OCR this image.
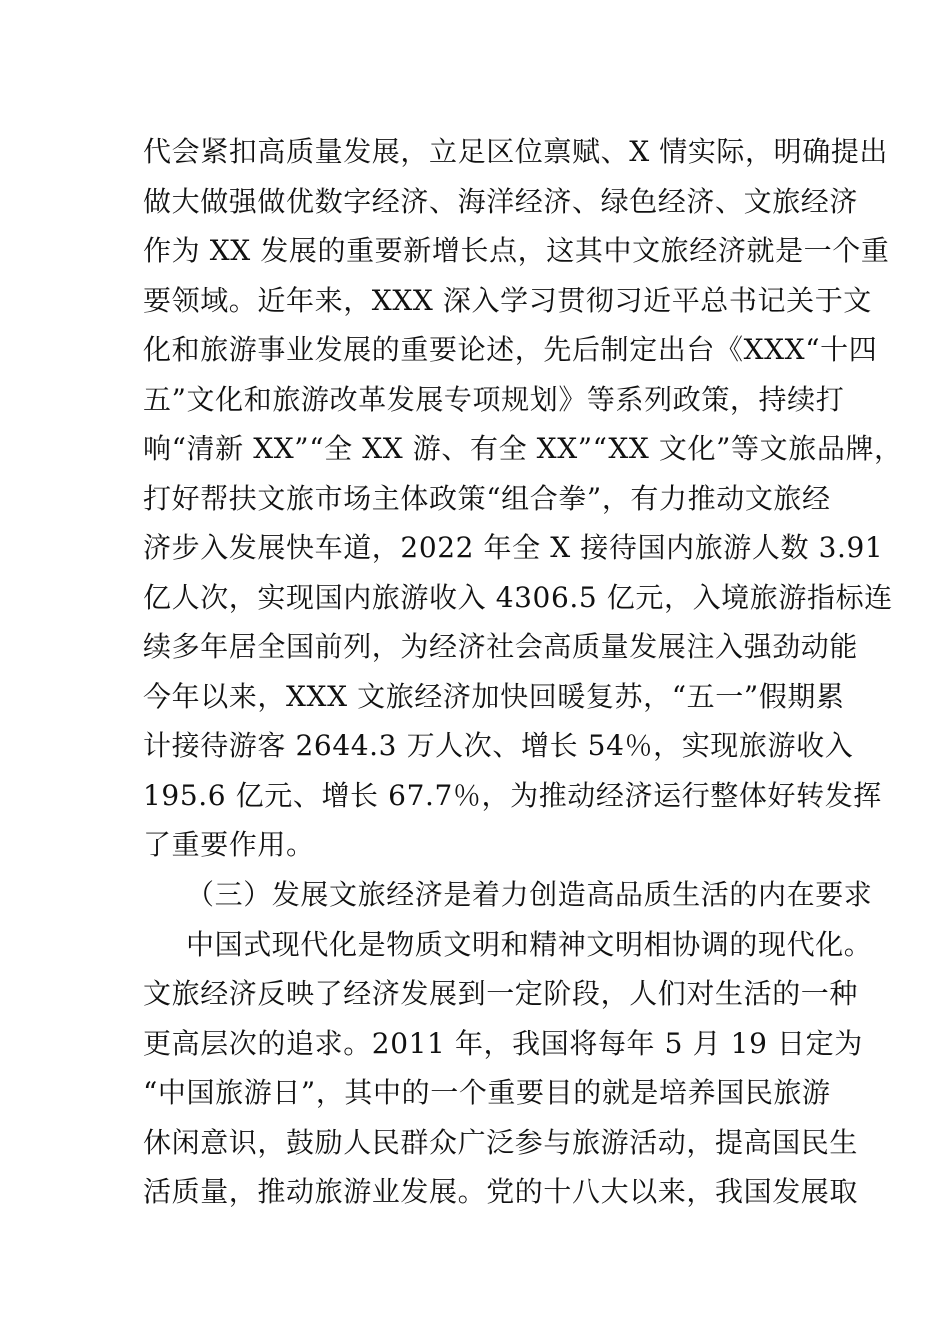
代会紧扣高质量发展，立足区位禀赋、X 情实际，明确提出
做大做强做优数字经济、海洋经济、绿色经济、文旅经济
作为 XX 发展的重要新增长点，这其中文旅经济就是一个重
要领域。近年来，XXX 深入学习贯彻习近平总书记关于文
化和旅游事业发展的重要论述，先后制定出台《XXX“十四
五”文化和旅游改革发展专项规划》等系列政策，持续打
响“清新 XX”“全 XX 游、有全 XX”“XX 文化”等文旅品牌，
打好帮扶文旅市场主体政策“组合拳”，有力推动文旅经
济步入发展快车道，2022 年全 X 接待国内旅游人数 3.91
亿人次，实现国内旅游收入 4306.5 亿元，入境旅游指标连
续多年居全国前列，为经济社会高质量发展注入强劲动能
今年以来，XXX 文旅经济加快回暖复苏，“五一”假期累
计接待游客 2644.3 万人次、增长 54％，实现旅游收入
195.6 亿元、增长 67.7％，为推动经济运行整体好转发挥
了重要作用。
（三）发展文旅经济是着力创造高品质生活的内在要求
中国式现代化是物质文明和精神文明相协调的现代化。
文旅经济反映了经济发展到一定阶段，人们对生活的一种
更高层次的追求。2011 年，我国将每年 5 月 19 日定为
“中国旅游日”，其中的一个重要目的就是培养国民旅游
休闲意识，鼓励人民群众广泛参与旅游活动，提高国民生
活质量，推动旅游业发展。党的十八大以来，我国发展取
